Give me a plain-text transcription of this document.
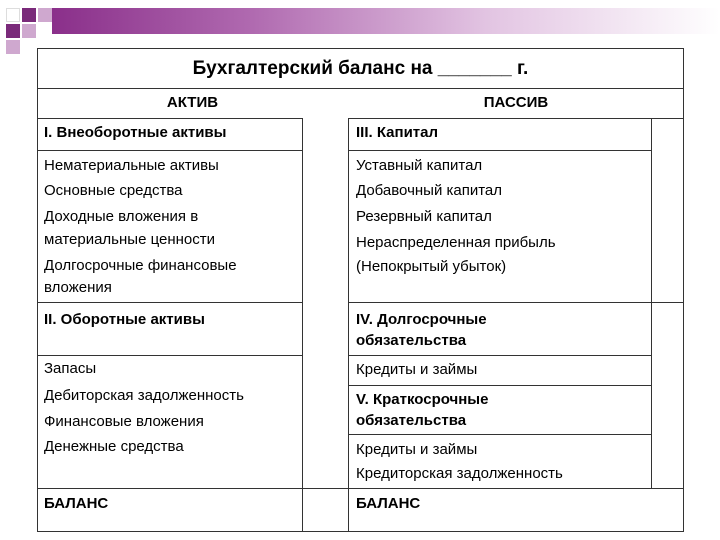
Бухгалтерский баланс на _______ г.
АКТИВ	ПАССИВ
I. Внеоборотные активы
Нематериальные активы
Основные средства
Доходные вложения в
материальные ценности
Долгосрочные финансовые
вложения
II. Оборотные активы
Запасы
Дебиторская задолженность
Финансовые вложения
Денежные средства
БАЛАНС
III. Капитал
Уставный капитал
Добавочный капитал
Резервный капитал
Нераспределенная прибыль
(Непокрытый убыток)
IV. Долгосрочные
обязательства
Кредиты и займы
V. Краткосрочные
обязательства
Кредиты и займы
Кредиторская задолженность
БАЛАНС
